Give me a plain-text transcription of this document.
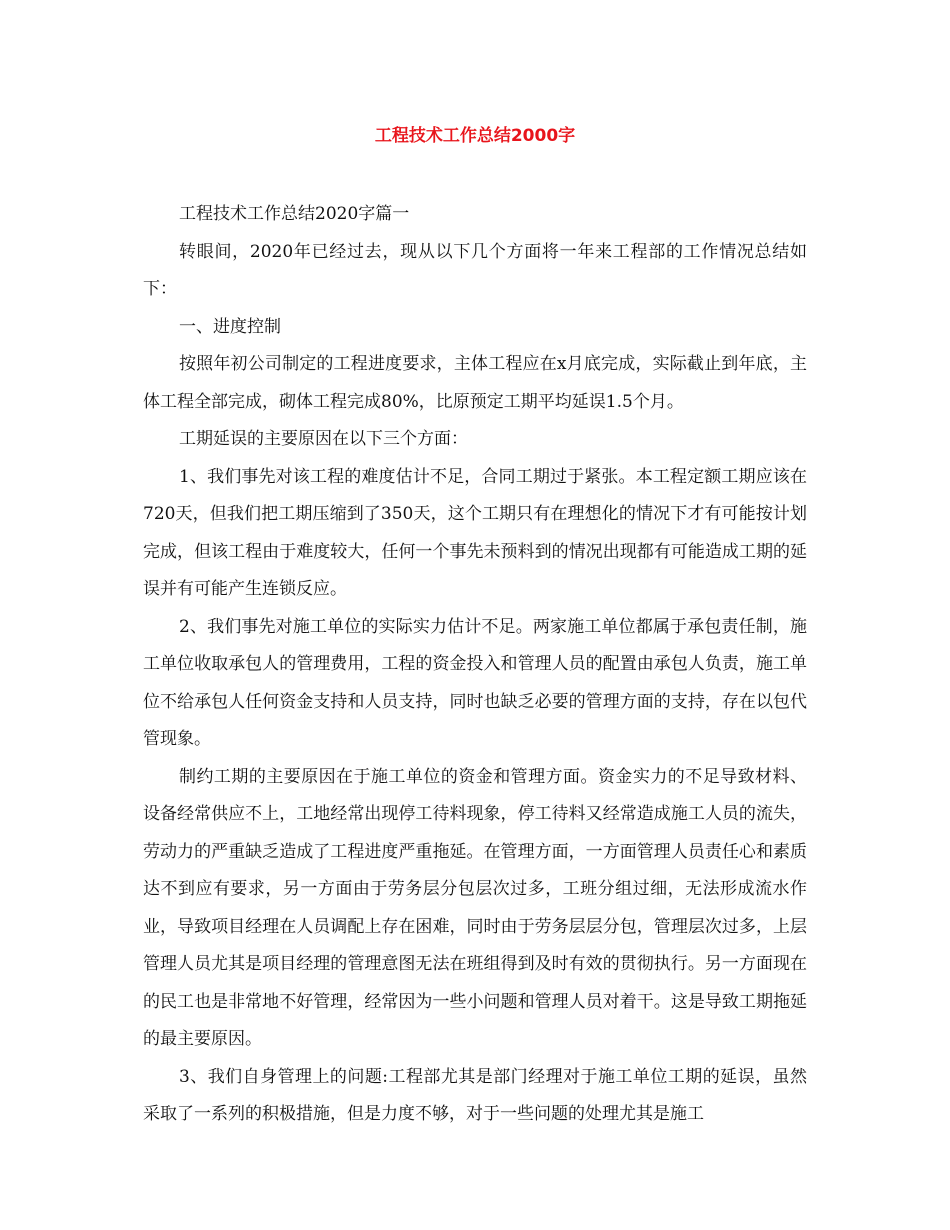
工程技术工作总结2000字

工程技术工作总结2020字篇一

转眼间，2020年已经过去，现从以下几个方面将一年来工程部的工作情况总结如下：

一、进度控制

按照年初公司制定的工程进度要求，主体工程应在x月底完成，实际截止到年底，主体工程全部完成，砌体工程完成80%，比原预定工期平均延误1.5个月。

工期延误的主要原因在以下三个方面：

1、我们事先对该工程的难度估计不足，合同工期过于紧张。本工程定额工期应该在720天，但我们把工期压缩到了350天，这个工期只有在理想化的情况下才有可能按计划完成，但该工程由于难度较大，任何一个事先未预料到的情况出现都有可能造成工期的延误并有可能产生连锁反应。

2、我们事先对施工单位的实际实力估计不足。两家施工单位都属于承包责任制，施工单位收取承包人的管理费用，工程的资金投入和管理人员的配置由承包人负责，施工单位不给承包人任何资金支持和人员支持，同时也缺乏必要的管理方面的支持，存在以包代管现象。

制约工期的主要原因在于施工单位的资金和管理方面。资金实力的不足导致材料、设备经常供应不上，工地经常出现停工待料现象，停工待料又经常造成施工人员的流失，劳动力的严重缺乏造成了工程进度严重拖延。在管理方面，一方面管理人员责任心和素质达不到应有要求，另一方面由于劳务层分包层次过多，工班分组过细，无法形成流水作业，导致项目经理在人员调配上存在困难，同时由于劳务层层分包，管理层次过多，上层管理人员尤其是项目经理的管理意图无法在班组得到及时有效的贯彻执行。另一方面现在的民工也是非常地不好管理，经常因为一些小问题和管理人员对着干。这是导致工期拖延的最主要原因。

3、我们自身管理上的问题:工程部尤其是部门经理对于施工单位工期的延误，虽然采取了一系列的积极措施，但是力度不够，对于一些问题的处理尤其是施工
